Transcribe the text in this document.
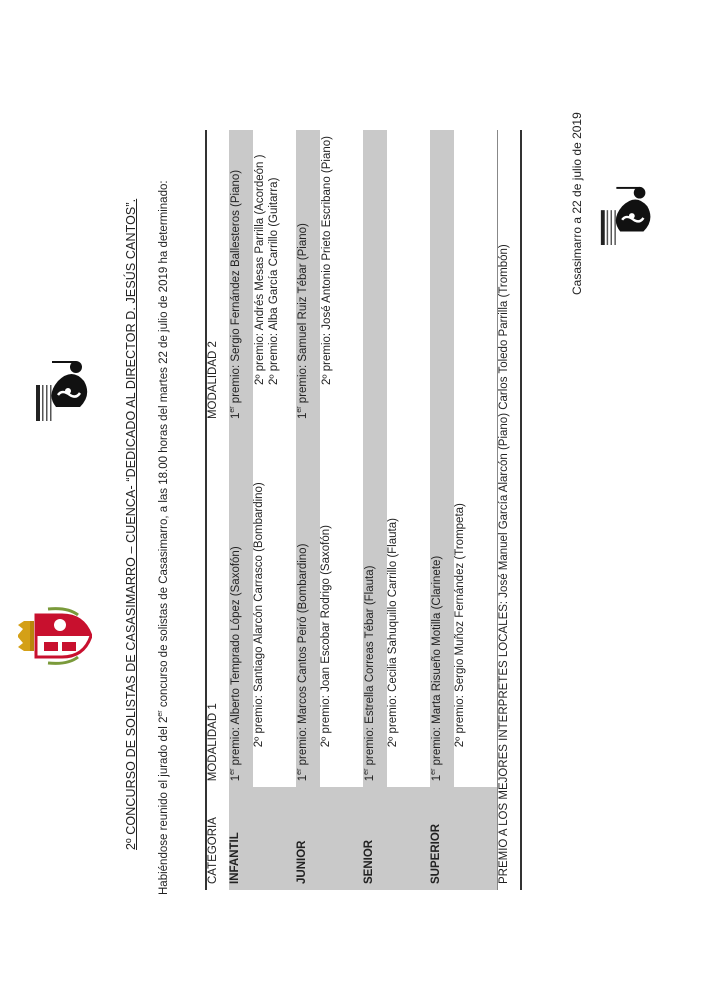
2º CONCURSO DE SOLISTAS DE CASASIMARRO – CUENCA- “DEDICADO AL DIRECTOR D. JESÚS CANTOS”. Habiéndose reunido el jurado del 2er concurso de solistas de Casasimarro, a las 18.00 horas del martes 22 de julio de 2019 ha determinado:
CATEGORIA	MODALIDAD 1	MODALIDAD 2
INFANTIL	1er premio: Alberto Temprado López (Saxofón)	1er premio: Sergio Fernández Ballesteros (Piano)
	2º premio: Santiago Alarcón Carrasco (Bombardino)	2º premio: Andrés Mesas Parrilla (Acordeón ) 2º premio: Alba García Carrillo (Guitarra)

JUNIOR	1er premio: Marcos Cantos Peiró (Bombardino)	1er premio: Samuel Ruiz Tébar (Piano)
	2º premio: Joan Escobar Rodrigo (Saxofón)	2º premio: José Antonio Prieto Escribano (Piano)

SENIOR	1er premio: Estrella Correas Tébar (Flauta)	
	2º premio: Cecilia Sahuquillo Carrillo (Flauta)	
SUPERIOR	1er premio: Marta Risueño Motilla (Clarinete)	
	2º premio: Sergio Muñoz Fernández (Trompeta)	
PREMIO A LOS MEJORES INTERPRETES LOCALES: José Manuel García Alarcón (Piano) Carlos Toledo Parrilla (Trombón)		
Casasimarro a 22 de julio de 2019
